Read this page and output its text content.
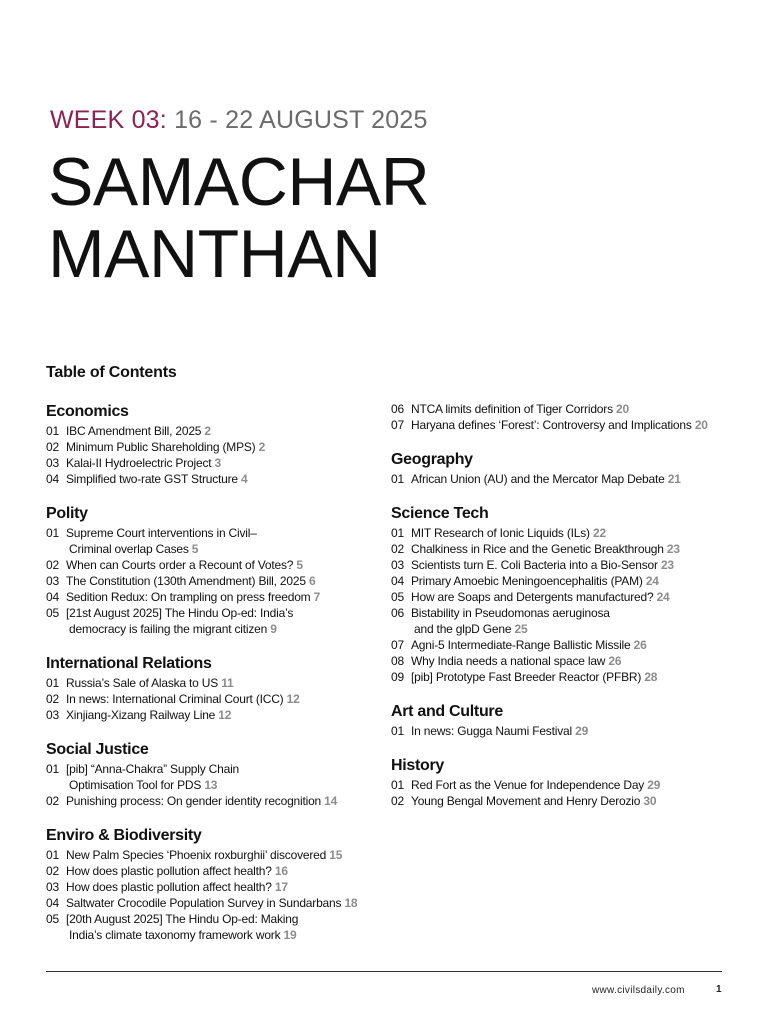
WEEK 03: 16 - 22 AUGUST 2025
SAMACHAR
MANTHAN
Table of Contents
Economics
01 IBC Amendment Bill, 2025 2
02 Minimum Public Shareholding (MPS) 2
03 Kalai-II Hydroelectric Project 3
04 Simplified two-rate GST Structure 4
Polity
01 Supreme Court interventions in Civil–
Criminal overlap Cases 5
02 When can Courts order a Recount of Votes? 5
03 The Constitution (130th Amendment) Bill, 2025 6
04 Sedition Redux: On trampling on press freedom 7
05 [21st August 2025] The Hindu Op-ed: India’s
democracy is failing the migrant citizen 9
International Relations
01 Russia’s Sale of Alaska to US 11
02 In news: International Criminal Court (ICC) 12
03 Xinjiang-Xizang Railway Line 12
Social Justice
01 [pib] “Anna-Chakra” Supply Chain
Optimisation Tool for PDS 13
02 Punishing process: On gender identity recognition 14
Enviro & Biodiversity
01 New Palm Species ‘Phoenix roxburghii’ discovered 15
02 How does plastic pollution affect health? 16
03 How does plastic pollution affect health? 17
04 Saltwater Crocodile Population Survey in Sundarbans 18
05 [20th August 2025] The Hindu Op-ed: Making
India’s climate taxonomy framework work 19
06 NTCA limits definition of Tiger Corridors 20
07 Haryana defines ‘Forest’: Controversy and Implications 20
Geography
01 African Union (AU) and the Mercator Map Debate 21
Science Tech
01 MIT Research of Ionic Liquids (ILs) 22
02 Chalkiness in Rice and the Genetic Breakthrough 23
03 Scientists turn E. Coli Bacteria into a Bio-Sensor 23
04 Primary Amoebic Meningoencephalitis (PAM) 24
05 How are Soaps and Detergents manufactured? 24
06 Bistability in Pseudomonas aeruginosa
and the glpD Gene 25
07 Agni-5 Intermediate-Range Ballistic Missile 26
08 Why India needs a national space law 26
09 [pib] Prototype Fast Breeder Reactor (PFBR) 28
Art and Culture
01 In news: Gugga Naumi Festival 29
History
01 Red Fort as the Venue for Independence Day 29
02 Young Bengal Movement and Henry Derozio 30
www.civilsdaily.com	1
